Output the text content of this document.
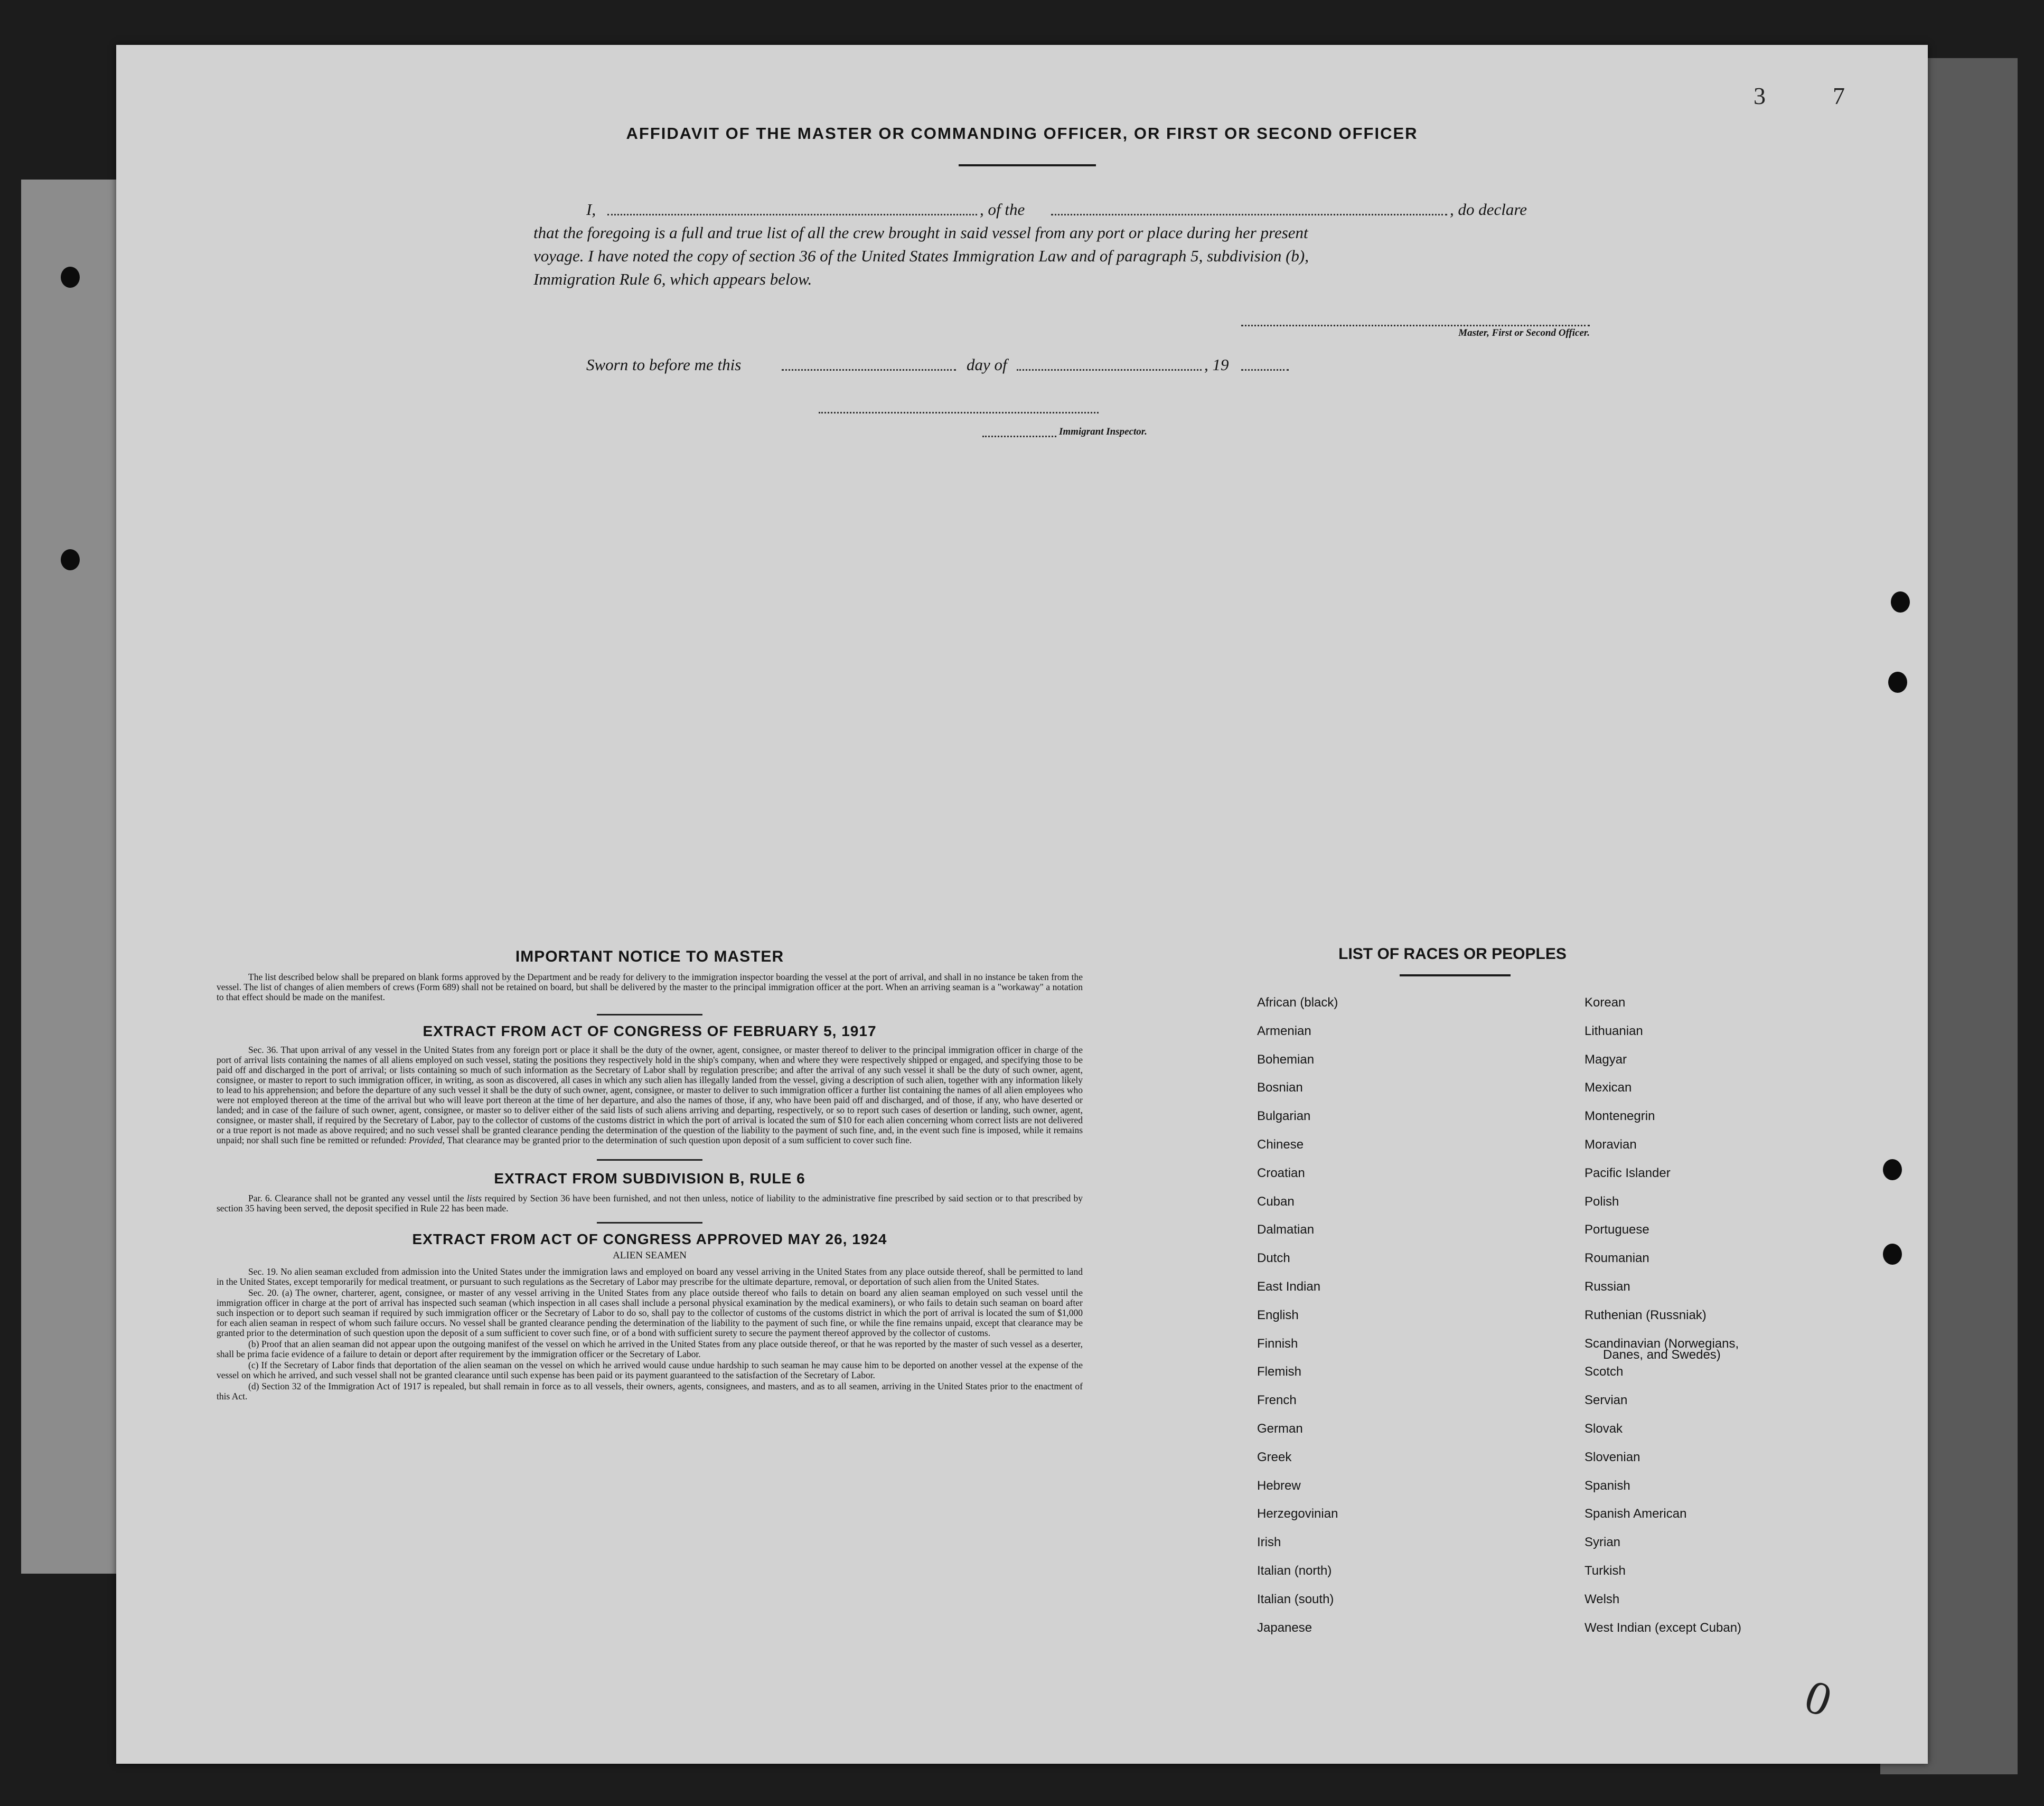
AFFIDAVIT OF THE MASTER OR COMMANDING OFFICER, OR FIRST OR SECOND OFFICER
I,	, of the	, do declare
that the foregoing is a full and true list of all the crew brought in said vessel from any port or place during her present
voyage. I have noted the copy of section 36 of the United States Immigration Law and of paragraph 5, subdivision (b),
Immigration Rule 6, which appears below.
Master, First or Second Officer.
Sworn to before me this	day of	, 19
Immigrant Inspector.
IMPORTANT NOTICE TO MASTER

The list described below shall be prepared on blank forms approved by the Department and be ready for delivery to the immigration inspector boarding the vessel at the port of arrival, and shall in no instance be taken from the vessel. The list of changes of alien members of crews (Form 689) shall not be retained on board, but shall be delivered by the master to the principal immigration officer at the port. When an arriving seaman is a "workaway" a notation to that effect should be made on the manifest.

EXTRACT FROM ACT OF CONGRESS OF FEBRUARY 5, 1917

Sec. 36. That upon arrival of any vessel in the United States from any foreign port or place it shall be the duty of the owner, agent, consignee, or master thereof to deliver to the principal immigration officer in charge of the port of arrival lists containing the names of all aliens employed on such vessel, stating the positions they respectively hold in the ship's company, when and where they were respectively shipped or engaged, and specifying those to be paid off and discharged in the port of arrival; or lists containing so much of such information as the Secretary of Labor shall by regulation prescribe; and after the arrival of any such vessel it shall be the duty of such owner, agent, consignee, or master to report to such immigration officer, in writing, as soon as discovered, all cases in which any such alien has illegally landed from the vessel, giving a description of such alien, together with any information likely to lead to his apprehension; and before the departure of any such vessel it shall be the duty of such owner, agent, consignee, or master to deliver to such immigration officer a further list containing the names of all alien employees who were not employed thereon at the time of the arrival but who will leave port thereon at the time of her departure, and also the names of those, if any, who have been paid off and discharged, and of those, if any, who have deserted or landed; and in case of the failure of such owner, agent, consignee, or master so to deliver either of the said lists of such aliens arriving and departing, respectively, or so to report such cases of desertion or landing, such owner, agent, consignee, or master shall, if required by the Secretary of Labor, pay to the collector of customs of the customs district in which the port of arrival is located the sum of $10 for each alien concerning whom correct lists are not delivered or a true report is not made as above required; and no such vessel shall be granted clearance pending the determination of the question of the liability to the payment of such fine, and, in the event such fine is imposed, while it remains unpaid; nor shall such fine be remitted or refunded: Provided, That clearance may be granted prior to the determination of such question upon deposit of a sum sufficient to cover such fine.

EXTRACT FROM SUBDIVISION B, RULE 6

Par. 6. Clearance shall not be granted any vessel until the lists required by Section 36 have been furnished, and not then unless, notice of liability to the administrative fine prescribed by said section or to that prescribed by section 35 having been served, the deposit specified in Rule 22 has been made.

EXTRACT FROM ACT OF CONGRESS APPROVED MAY 26, 1924
ALIEN SEAMEN

Sec. 19. No alien seaman excluded from admission into the United States under the immigration laws and employed on board any vessel arriving in the United States from any place outside thereof, shall be permitted to land in the United States, except temporarily for medical treatment, or pursuant to such regulations as the Secretary of Labor may prescribe for the ultimate departure, removal, or deportation of such alien from the United States.

Sec. 20. (a) The owner, charterer, agent, consignee, or master of any vessel arriving in the United States from any place outside thereof who fails to detain on board any alien seaman employed on such vessel until the immigration officer in charge at the port of arrival has inspected such seaman (which inspection in all cases shall include a personal physical examination by the medical examiners), or who fails to detain such seaman on board after such inspection or to deport such seaman if required by such immigration officer or the Secretary of Labor to do so, shall pay to the collector of customs of the customs district in which the port of arrival is located the sum of $1,000 for each alien seaman in respect of whom such failure occurs. No vessel shall be granted clearance pending the determination of the liability to the payment of such fine, or while the fine remains unpaid, except that clearance may be granted prior to the determination of such question upon the deposit of a sum sufficient to cover such fine, or of a bond with sufficient surety to secure the payment thereof approved by the collector of customs.

(b) Proof that an alien seaman did not appear upon the outgoing manifest of the vessel on which he arrived in the United States from any place outside thereof, or that he was reported by the master of such vessel as a deserter, shall be prima facie evidence of a failure to detain or deport after requirement by the immigration officer or the Secretary of Labor.

(c) If the Secretary of Labor finds that deportation of the alien seaman on the vessel on which he arrived would cause undue hardship to such seaman he may cause him to be deported on another vessel at the expense of the vessel on which he arrived, and such vessel shall not be granted clearance until such expense has been paid or its payment guaranteed to the satisfaction of the Secretary of Labor.

(d) Section 32 of the Immigration Act of 1917 is repealed, but shall remain in force as to all vessels, their owners, agents, consignees, and masters, and as to all seamen, arriving in the United States prior to the enactment of this Act.

LIST OF RACES OR PEOPLES
African (black)
Armenian
Bohemian
Bosnian
Bulgarian
Chinese
Croatian
Cuban
Dalmatian
Dutch
East Indian
English
Finnish
Flemish
French
German
Greek
Hebrew
Herzegovinian
Irish
Italian (north)
Italian (south)
Japanese
Korean
Lithuanian
Magyar
Mexican
Montenegrin
Moravian
Pacific Islander
Polish
Portuguese
Roumanian
Russian
Ruthenian (Russniak)
Scandinavian (Norwegians,
Scotch
Servian
Slovak
Slovenian
Spanish
Spanish American
Syrian
Turkish
Welsh
West Indian (except Cuban)
Danes, and Swedes)
3	7
0
